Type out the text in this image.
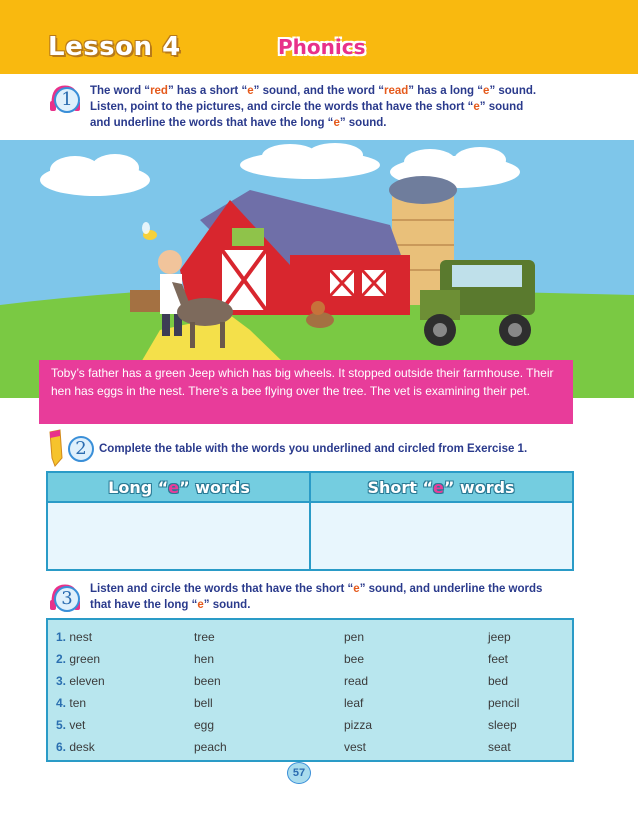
Lesson 4	Phonics
1	The word “red” has a short “e” sound, and the word “read” has a long “e” sound.
Listen, point to the pictures, and circle the words that have the short “e” sound
and underline the words that have the long “e” sound.
Toby’s father has a green Jeep which has big wheels. It stopped outside their farmhouse. Their hen has eggs in the nest. There’s a bee flying over the tree. The vet is examining their pet.
2	Complete the table with the words you underlined and circled from Exercise 1.
Long “e” words	Short “e” words
3	Listen and circle the words that have the short “e” sound, and underline the words
that have the long “e” sound.
1. nest	tree	pen	jeep
2. green	hen	bee	feet
3. eleven	been	read	bed
4. ten	bell	leaf	pencil
5. vet	egg	pizza	sleep
6. desk	peach	vest	seat
57
